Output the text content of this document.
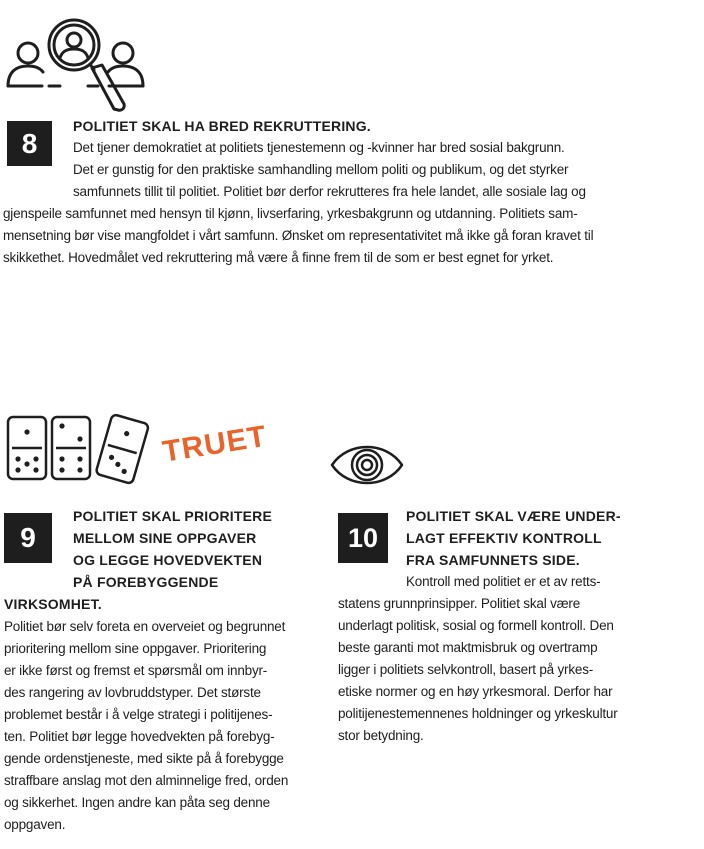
8

POLITIET SKAL HA BRED REKRUTTERING.

Det tjener demokratiet at politiets tjenestemenn og -kvinner har bred sosial bakgrunn.

Det er gunstig for den praktiske samhandling mellom politi og publikum, og det styrker

samfunnets tillit til politiet. Politiet bør derfor rekrutteres fra hele landet, alle sosiale lag og

gjenspeile samfunnet med hensyn til kjønn, livserfaring, yrkesbakgrunn og utdanning. Politiets sam-

mensetning bør vise mangfoldet i vårt samfunn. Ønsket om representativitet må ikke gå foran kravet til

skikkethet. Hovedmålet ved rekruttering må være å finne frem til de som er best egnet for yrket.

TRUET

9

POLITIET SKAL PRIORITERE

MELLOM SINE OPPGAVER

OG LEGGE HOVEDVEKTEN

PÅ FOREBYGGENDE

VIRKSOMHET.

Politiet bør selv foreta en overveiet og begrunnet

prioritering mellom sine oppgaver. Prioritering

er ikke først og fremst et spørsmål om innbyr-

des rangering av lovbruddstyper. Det største

problemet består i å velge strategi i politijenes-

ten. Politiet bør legge hovedvekten på forebyg-

gende ordenstjeneste, med sikte på å forebygge

straffbare anslag mot den alminnelige fred, orden

og sikkerhet. Ingen andre kan påta seg denne

oppgaven.

10

POLITIET SKAL VÆRE UNDER-

LAGT EFFEKTIV KONTROLL

FRA SAMFUNNETS SIDE.

Kontroll med politiet er et av retts-

statens grunnprinsipper. Politiet skal være

underlagt politisk, sosial og formell kontroll. Den

beste garanti mot maktmisbruk og overtramp

ligger i politiets selvkontroll, basert på yrkes-

etiske normer og en høy yrkesmoral. Derfor har

politijenestemennenes holdninger og yrkeskultur

stor betydning.
